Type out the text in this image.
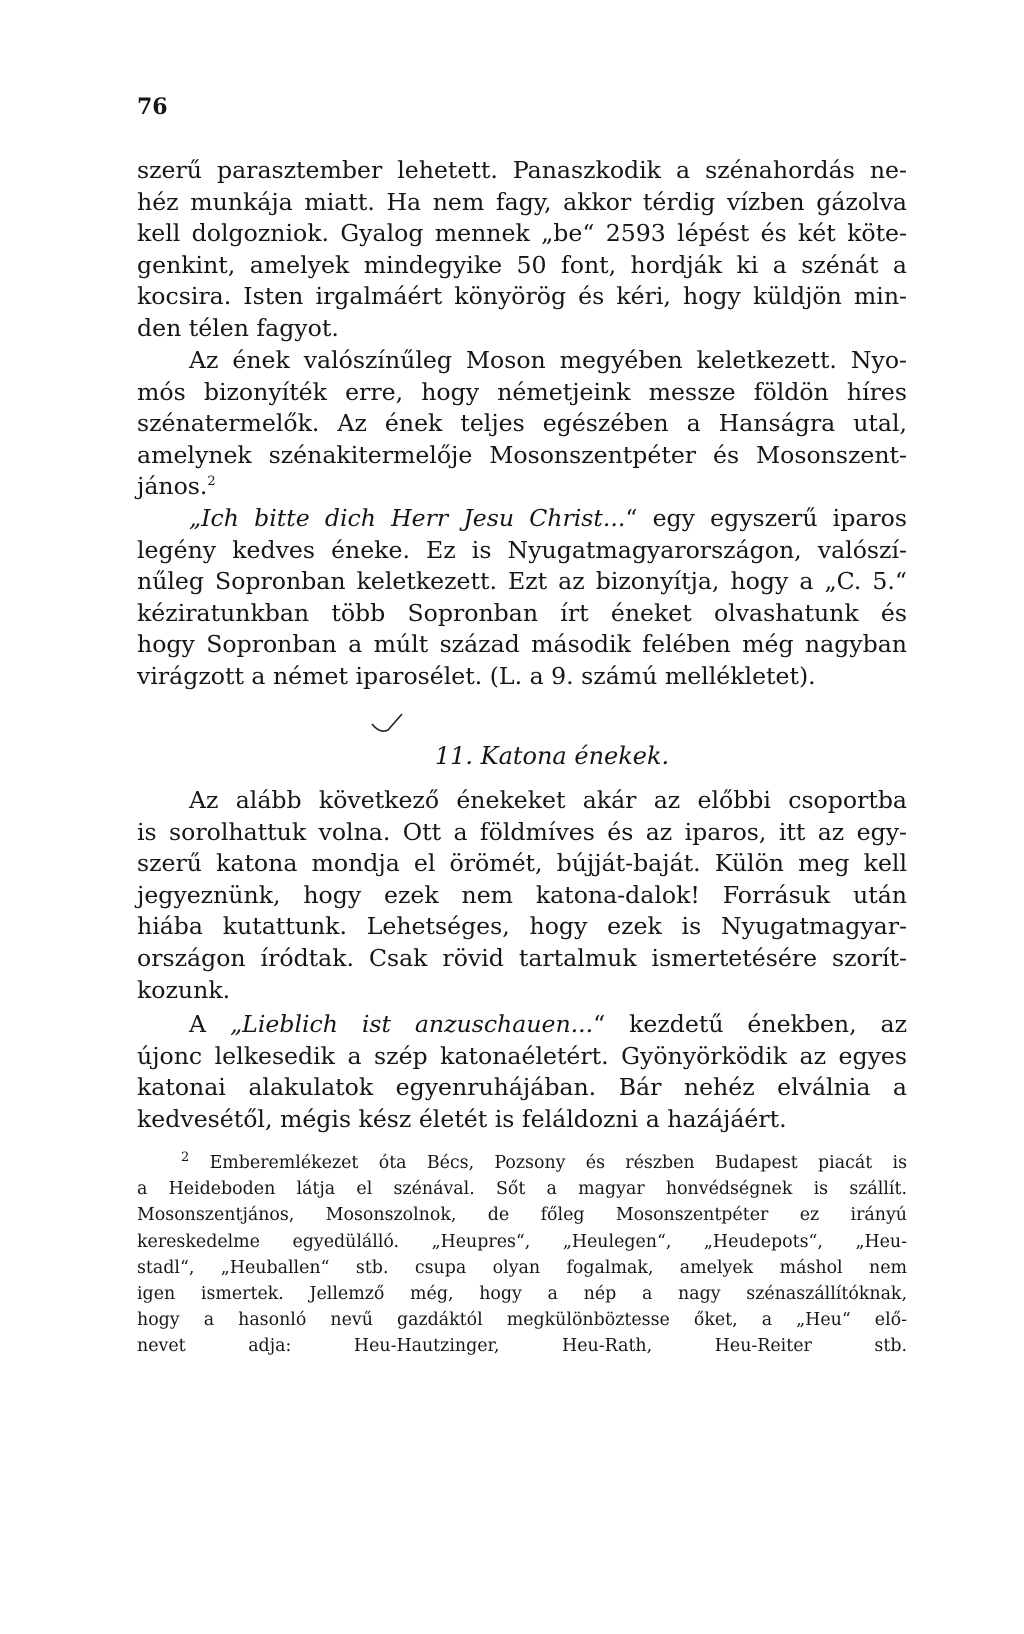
76
szerű parasztember lehetett. Panaszkodik a szénahordás ne-
héz munkája miatt. Ha nem fagy, akkor térdig vízben gázolva
kell dolgozniok. Gyalog mennek „be“ 2593 lépést és két köte-
genkint, amelyek mindegyike 50 font, hordják ki a szénát a
kocsira. Isten irgalmáért könyörög és kéri, hogy küldjön min-
den télen fagyot.
Az ének valószínűleg Moson megyében keletkezett. Nyo-
mós bizonyíték erre, hogy németjeink messze földön híres
szénatermelők. Az ének teljes egészében a Hanságra utal,
amelynek szénakitermelője Mosonszentpéter és Mosonszent-
jános.$^2$
„Ich bitte dich Herr Jesu Christ...“ egy egyszerű iparos
legény kedves éneke. Ez is Nyugatmagyarországon, valószí-
nűleg Sopronban keletkezett. Ezt az bizonyítja, hogy a „C. 5.“
kéziratunkban több Sopronban írt éneket olvashatunk és
hogy Sopronban a múlt század második felében még nagyban
virágzott a német iparosélet. (L. a 9. számú mellékletet).
11. Katona énekek.
Az alább következő énekeket akár az előbbi csoportba
is sorolhattuk volna. Ott a földmíves és az iparos, itt az egy-
szerű katona mondja el örömét, bújját-baját. Külön meg kell
jegyeznünk, hogy ezek nem katona-dalok! Forrásuk után
hiába kutattunk. Lehetséges, hogy ezek is Nyugatmagyar-
országon íródtak. Csak rövid tartalmuk ismertetésére szorít-
kozunk.
A „Lieblich ist anzuschauen...“ kezdetű énekben, az
újonc lelkesedik a szép katonaéletért. Gyönyörködik az egyes
katonai alakulatok egyenruhájában. Bár nehéz elválnia a
kedvesétől, mégis kész életét is feláldozni a hazájáért.
$^2$ Emberemlékezet óta Bécs, Pozsony és részben Budapest piacát is
a Heideboden látja el szénával. Sőt a magyar honvédségnek is szállít.
Mosonszentjános, Mosonszolnok, de főleg Mosonszentpéter ez irányú
kereskedelme egyedülálló. „Heupres“, „Heulegen“, „Heudepots“, „Heu-
stadl“, „Heuballen“ stb. csupa olyan fogalmak, amelyek máshol nem
igen ismertek. Jellemző még, hogy a nép a nagy szénaszállítóknak,
hogy a hasonló nevű gazdáktól megkülönböztesse őket, a „Heu“ elő-
nevet adja: Heu-Hautzinger, Heu-Rath, Heu-Reiter stb.
